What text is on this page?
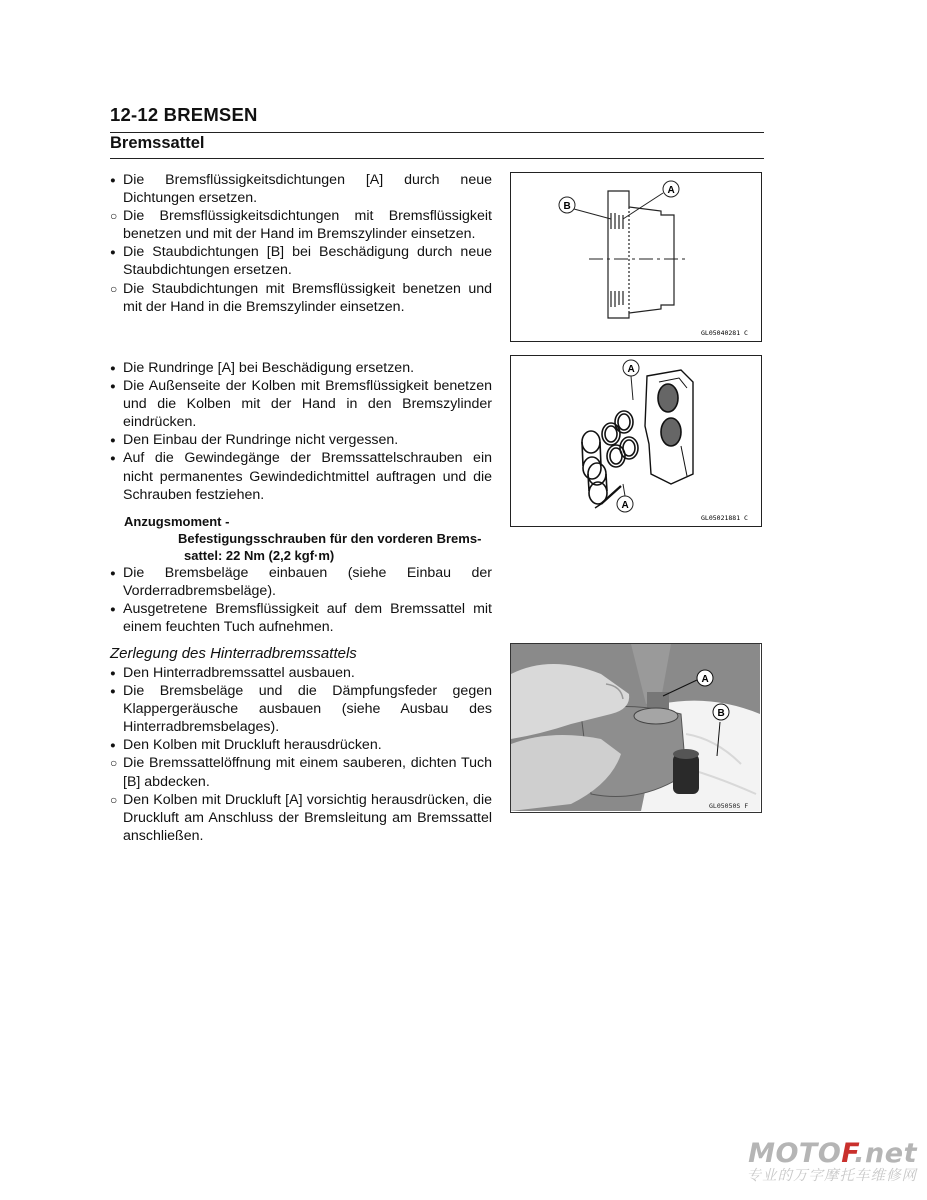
12-12 BREMSEN
Bremssattel
●
Die Bremsflüssigkeitsdichtungen [A] durch neue Dichtungen ersetzen.
○
Die Bremsflüssigkeitsdichtungen mit Bremsflüssigkeit benetzen und mit der Hand im Bremszylinder einsetzen.
●
Die Staubdichtungen [B] bei Beschädigung durch neue Staubdichtungen ersetzen.
○
Die Staubdichtungen mit Bremsflüssigkeit benetzen und mit der Hand in die Bremszylinder einsetzen.
B
A
GL05040281 C
●
Die Rundringe [A] bei Beschädigung ersetzen.
●
Die Außenseite der Kolben mit Bremsflüssigkeit benetzen und die Kolben mit der Hand in den Bremszylinder eindrücken.
●
Den Einbau der Rundringe nicht vergessen.
●
Auf die Gewindegänge der Bremssattelschrauben ein nicht permanentes Gewindedichtmittel auftragen und die Schrauben festziehen.
Anzugsmoment -
Befestigungsschrauben für den vorderen Brems-
sattel: 22 Nm (2,2 kgf·m)
A
A
GL05021881 C
●
Die Bremsbeläge einbauen (siehe Einbau der Vorderradbremsbeläge).
●
Ausgetretene Bremsflüssigkeit auf dem Bremssattel mit einem feuchten Tuch aufnehmen.
Zerlegung des Hinterradbremssattels
●
Den Hinterradbremssattel ausbauen.
●
Die Bremsbeläge und die Dämpfungsfeder gegen Klappergeräusche ausbauen (siehe Ausbau des Hinterradbremsbelages).
●
Den Kolben mit Druckluft herausdrücken.
○
Die Bremssattelöffnung mit einem sauberen, dichten Tuch [B] abdecken.
○
Den Kolben mit Druckluft [A] vorsichtig herausdrücken, die Druckluft am Anschluss der Bremsleitung am Bremssattel anschließen.
A
B
GL05050S F
MOTOF.net
专业的万字摩托车维修网
